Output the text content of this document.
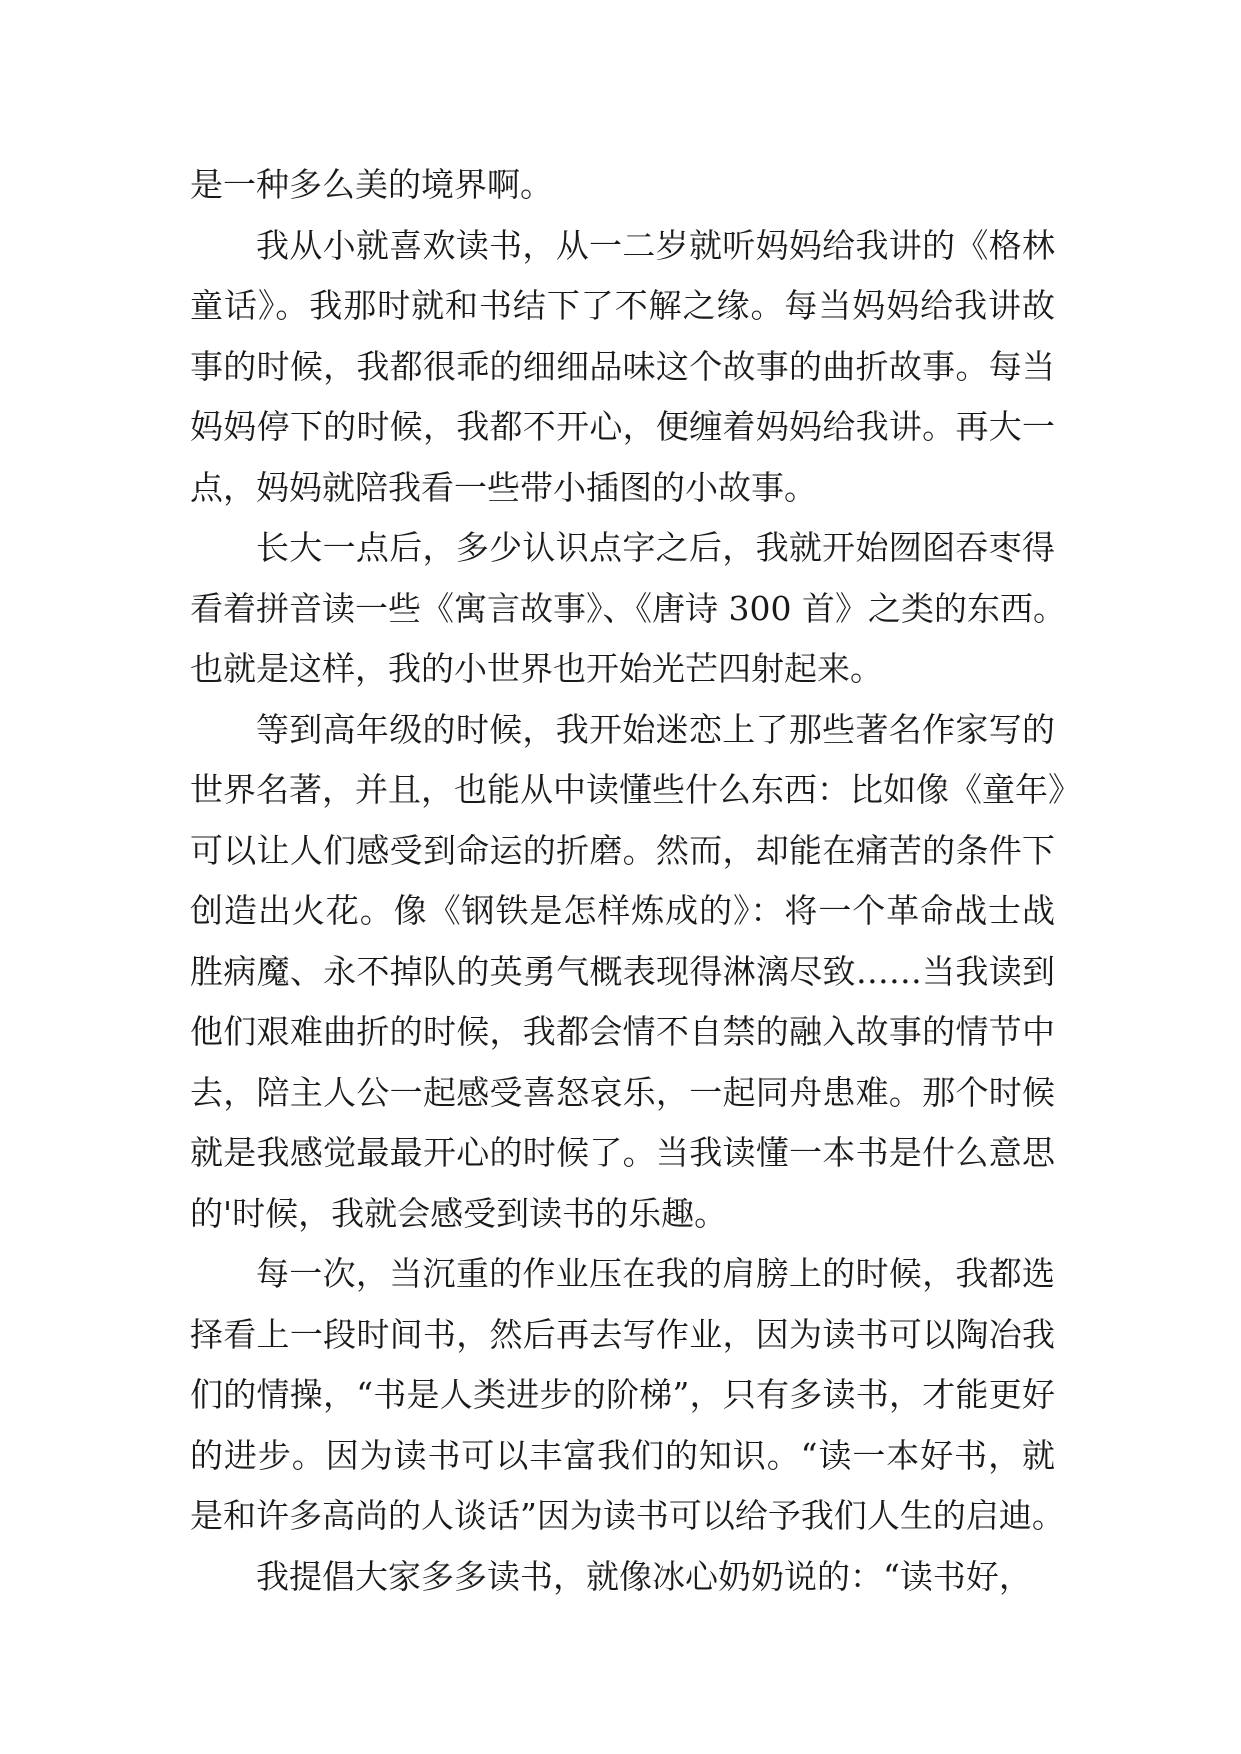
是一种多么美的境界啊。
我从小就喜欢读书，从一二岁就听妈妈给我讲的《格林
童话》。我那时就和书结下了不解之缘。每当妈妈给我讲故
事的时候，我都很乖的细细品味这个故事的曲折故事。每当
妈妈停下的时候，我都不开心，便缠着妈妈给我讲。再大一
点，妈妈就陪我看一些带小插图的小故事。
长大一点后，多少认识点字之后，我就开始囫囵吞枣得
看着拼音读一些《寓言故事》、《唐诗 300 首》之类的东西。
也就是这样，我的小世界也开始光芒四射起来。
等到高年级的时候，我开始迷恋上了那些著名作家写的
世界名著，并且，也能从中读懂些什么东西：比如像《童年》
可以让人们感受到命运的折磨。然而，却能在痛苦的条件下
创造出火花。像《钢铁是怎样炼成的》：将一个革命战士战
胜病魔、永不掉队的英勇气概表现得淋漓尽致……当我读到
他们艰难曲折的时候，我都会情不自禁的融入故事的情节中
去，陪主人公一起感受喜怒哀乐，一起同舟患难。那个时候
就是我感觉最最开心的时候了。当我读懂一本书是什么意思
的'时候，我就会感受到读书的乐趣。
每一次，当沉重的作业压在我的肩膀上的时候，我都选
择看上一段时间书，然后再去写作业，因为读书可以陶冶我
们的情操，“书是人类进步的阶梯”，只有多读书，才能更好
的进步。因为读书可以丰富我们的知识。“读一本好书，就
是和许多高尚的人谈话”因为读书可以给予我们人生的启迪。
我提倡大家多多读书，就像冰心奶奶说的：“读书好，
